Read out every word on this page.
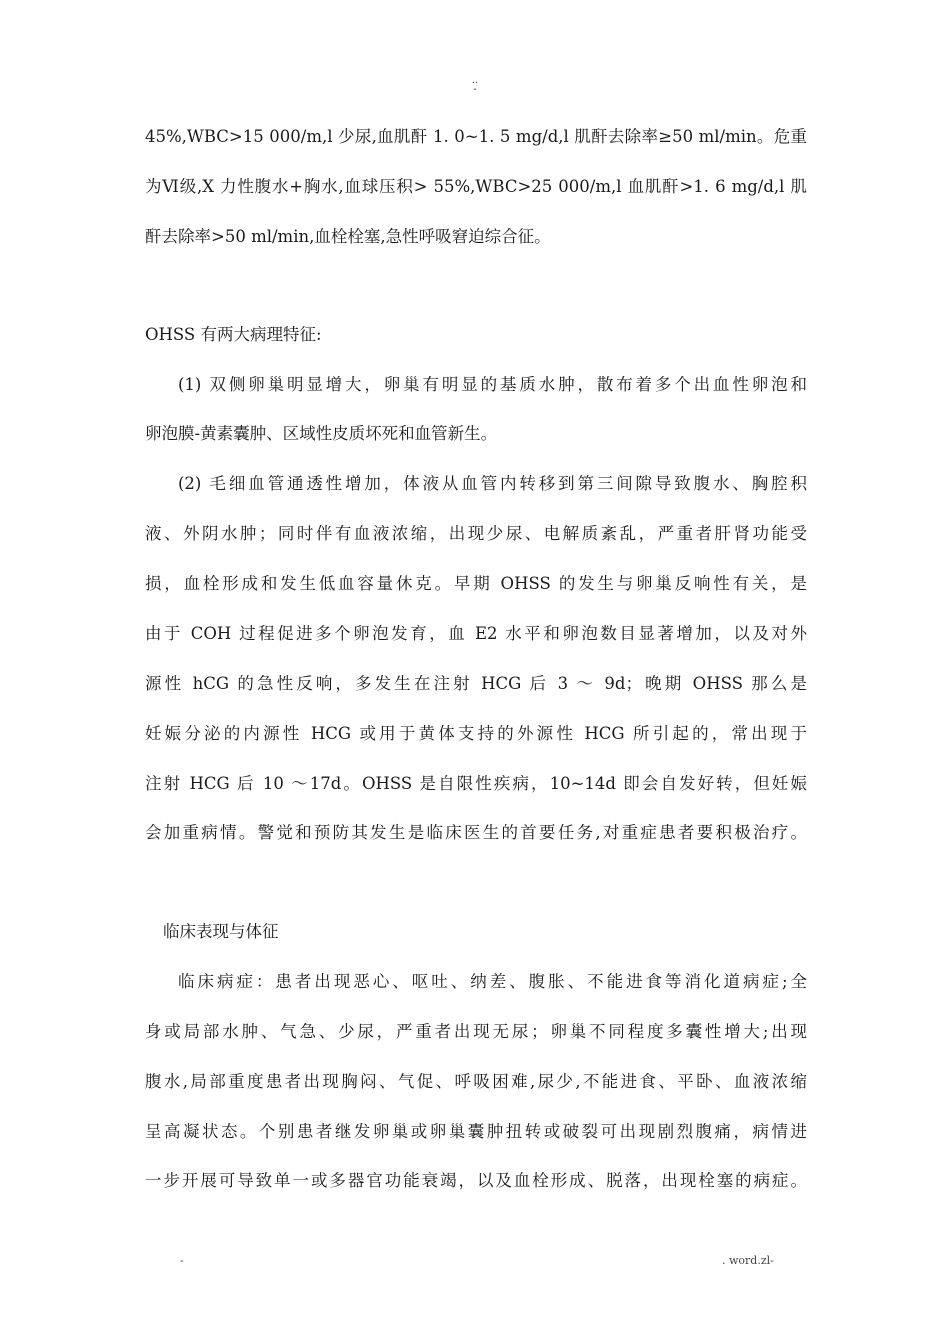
..
-
45%,WBC>15 000/m,l 少尿,血肌酐 1. 0~1. 5 mg/d,l 肌酐去除率≥50 ml/min。危重
为Ⅵ级,X 力性腹水+胸水,血球压积> 55%,WBC>25 000/m,l 血肌酐>1. 6 mg/d,l 肌
酐去除率>50 ml/min,血栓栓塞,急性呼吸窘迫综合征。
OHSS 有两大病理特征:
(1) 双侧卵巢明显增大，卵巢有明显的基质水肿，散布着多个出血性卵泡和
卵泡膜-黄素囊肿、区域性皮质坏死和血管新生。
(2) 毛细血管通透性增加，体液从血管内转移到第三间隙导致腹水、胸腔积
液、外阴水肿；同时伴有血液浓缩，出现少尿、电解质紊乱，严重者肝肾功能受
损，血栓形成和发生低血容量休克。早期 OHSS 的发生与卵巢反响性有关，是
由于 COH 过程促进多个卵泡发育，血 E2 水平和卵泡数目显著增加，以及对外
源性 hCG 的急性反响，多发生在注射 HCG 后 3 ～ 9d；晚期 OHSS 那么是
妊娠分泌的内源性 HCG 或用于黄体支持的外源性 HCG 所引起的，常出现于
注射 HCG 后 10 ～17d。OHSS 是自限性疾病，10~14d 即会自发好转，但妊娠
会加重病情。警觉和预防其发生是临床医生的首要任务,对重症患者要积极治疗。
临床表现与体征
临床病症：患者出现恶心、呕吐、纳差、腹胀、不能进食等消化道病症;全
身或局部水肿、气急、少尿，严重者出现无尿；卵巢不同程度多囊性增大;出现
腹水,局部重度患者出现胸闷、气促、呼吸困难,尿少,不能进食、平卧、血液浓缩
呈高凝状态。个别患者继发卵巢或卵巢囊肿扭转或破裂可出现剧烈腹痛，病情进
一步开展可导致单一或多器官功能衰竭，以及血栓形成、脱落，出现栓塞的病症。
-	. word.zl-
